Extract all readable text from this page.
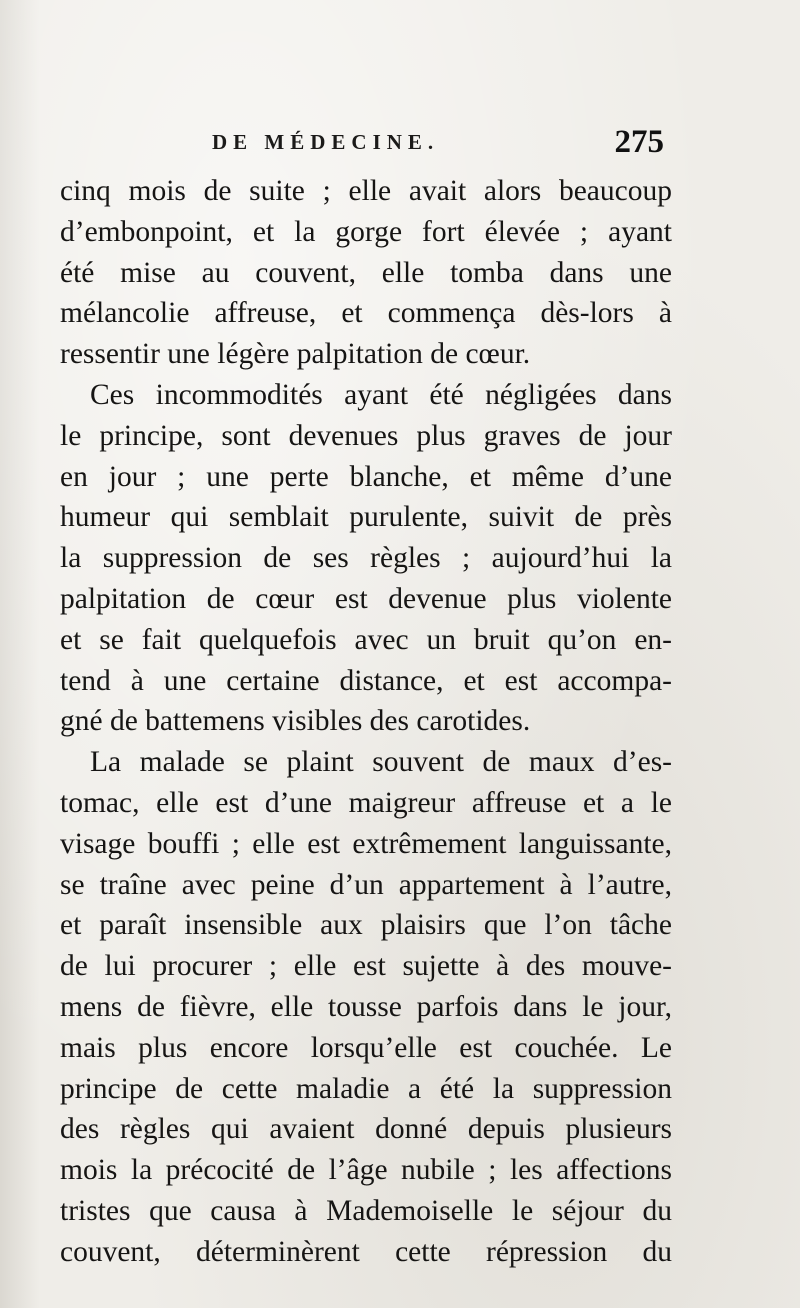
DE MÉDECINE.	275
cinq mois de suite ; elle avait alors beaucoup
d’embonpoint, et la gorge fort élevée ; ayant
été mise au couvent, elle tomba dans une
mélancolie affreuse, et commença dès-lors à
ressentir une légère palpitation de cœur.
Ces incommodités ayant été négligées dans
le principe, sont devenues plus graves de jour
en jour ; une perte blanche, et même d’une
humeur qui semblait purulente, suivit de près
la suppression de ses règles ; aujourd’hui la
palpitation de cœur est devenue plus violente
et se fait quelquefois avec un bruit qu’on en-
tend à une certaine distance, et est accompa-
gné de battemens visibles des carotides.
La malade se plaint souvent de maux d’es-
tomac, elle est d’une maigreur affreuse et a le
visage bouffi ; elle est extrêmement languissante,
se traîne avec peine d’un appartement à l’autre,
et paraît insensible aux plaisirs que l’on tâche
de lui procurer ; elle est sujette à des mouve-
mens de fièvre, elle tousse parfois dans le jour,
mais plus encore lorsqu’elle est couchée. Le
principe de cette maladie a été la suppression
des règles qui avaient donné depuis plusieurs
mois la précocité de l’âge nubile ; les affections
tristes que causa à Mademoiselle le séjour du
couvent, déterminèrent cette répression du
